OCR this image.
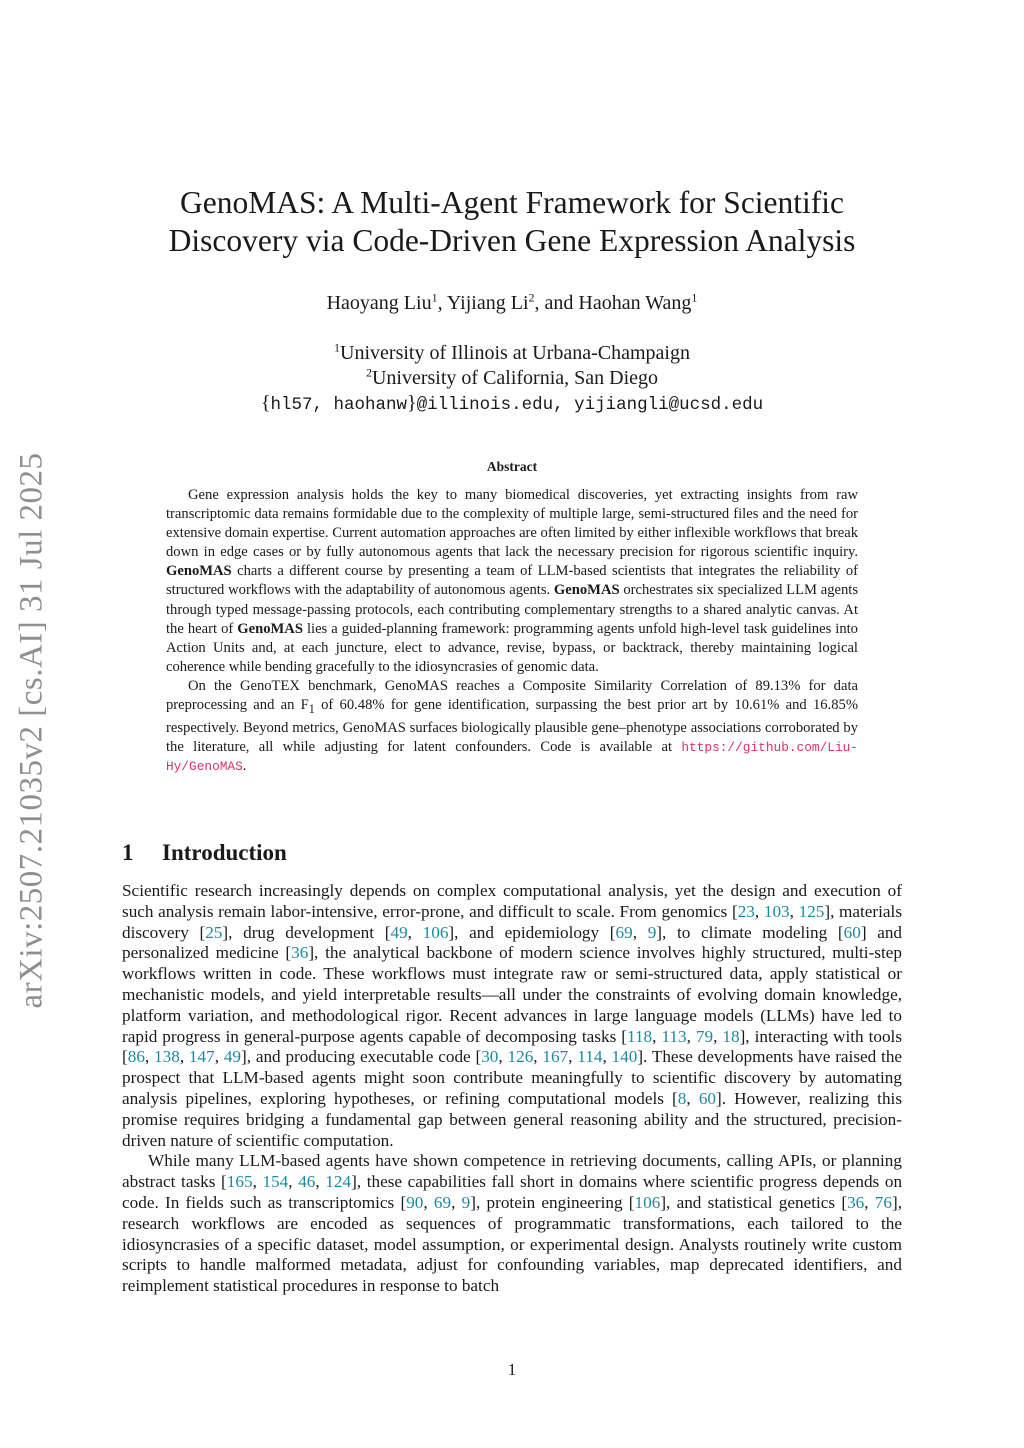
arXiv:2507.21035v2 [cs.AI] 31 Jul 2025
GenoMAS: A Multi-Agent Framework for Scientific
Discovery via Code-Driven Gene Expression Analysis
Haoyang Liu$^1$, Yijiang Li$^2$, and Haohan Wang$^1$
$^1$University of Illinois at Urbana-Champaign
$^2$University of California, San Diego
{hl57, haohanw}@illinois.edu, yijiangli@ucsd.edu
Abstract

Gene expression analysis holds the key to many biomedical discoveries, yet extracting insights from raw transcriptomic data remains formidable due to the complexity of multiple large, semi-structured files and the need for extensive domain expertise. Current automation approaches are often limited by either inflexible workflows that break down in edge cases or by fully autonomous agents that lack the necessary precision for rigorous scientific inquiry. GenoMAS charts a different course by presenting a team of LLM-based scientists that integrates the reliability of structured workflows with the adaptability of autonomous agents. GenoMAS orchestrates six specialized LLM agents through typed message-passing protocols, each contributing complementary strengths to a shared analytic canvas. At the heart of GenoMAS lies a guided-planning framework: programming agents unfold high-level task guidelines into Action Units and, at each juncture, elect to advance, revise, bypass, or backtrack, thereby maintaining logical coherence while bending gracefully to the idiosyncrasies of genomic data.

On the GenoTEX benchmark, GenoMAS reaches a Composite Similarity Correlation of 89.13% for data preprocessing and an $F_1$ of 60.48% for gene identification, surpassing the best prior art by 10.61% and 16.85% respectively. Beyond metrics, GenoMAS surfaces biologically plausible gene–phenotype associations corroborated by the literature, all while adjusting for latent confounders. Code is available at https://github.com/Liu-Hy/GenoMAS.

1 Introduction

Scientific research increasingly depends on complex computational analysis, yet the design and execution of such analysis remain labor-intensive, error-prone, and difficult to scale. From genomics [23, 103, 125], materials discovery [25], drug development [49, 106], and epidemiology [69, 9], to climate modeling [60] and personalized medicine [36], the analytical backbone of modern science involves highly structured, multi-step workflows written in code. These workflows must integrate raw or semi-structured data, apply statistical or mechanistic models, and yield interpretable results—all under the constraints of evolving domain knowledge, platform variation, and methodological rigor. Recent advances in large language models (LLMs) have led to rapid progress in general-purpose agents capable of decomposing tasks [118, 113, 79, 18], interacting with tools [86, 138, 147, 49], and producing executable code [30, 126, 167, 114, 140]. These developments have raised the prospect that LLM-based agents might soon contribute meaningfully to scientific discovery by automating analysis pipelines, exploring hypotheses, or refining computational models [8, 60]. However, realizing this promise requires bridging a fundamental gap between general reasoning ability and the structured, precision-driven nature of scientific computation.

While many LLM-based agents have shown competence in retrieving documents, calling APIs, or planning abstract tasks [165, 154, 46, 124], these capabilities fall short in domains where scientific progress depends on code. In fields such as transcriptomics [90, 69, 9], protein engineering [106], and statistical genetics [36, 76], research workflows are encoded as sequences of programmatic transformations, each tailored to the idiosyncrasies of a specific dataset, model assumption, or experimental design. Analysts routinely write custom scripts to handle malformed metadata, adjust for confounding variables, map deprecated identifiers, and reimplement statistical procedures in response to batch

1
